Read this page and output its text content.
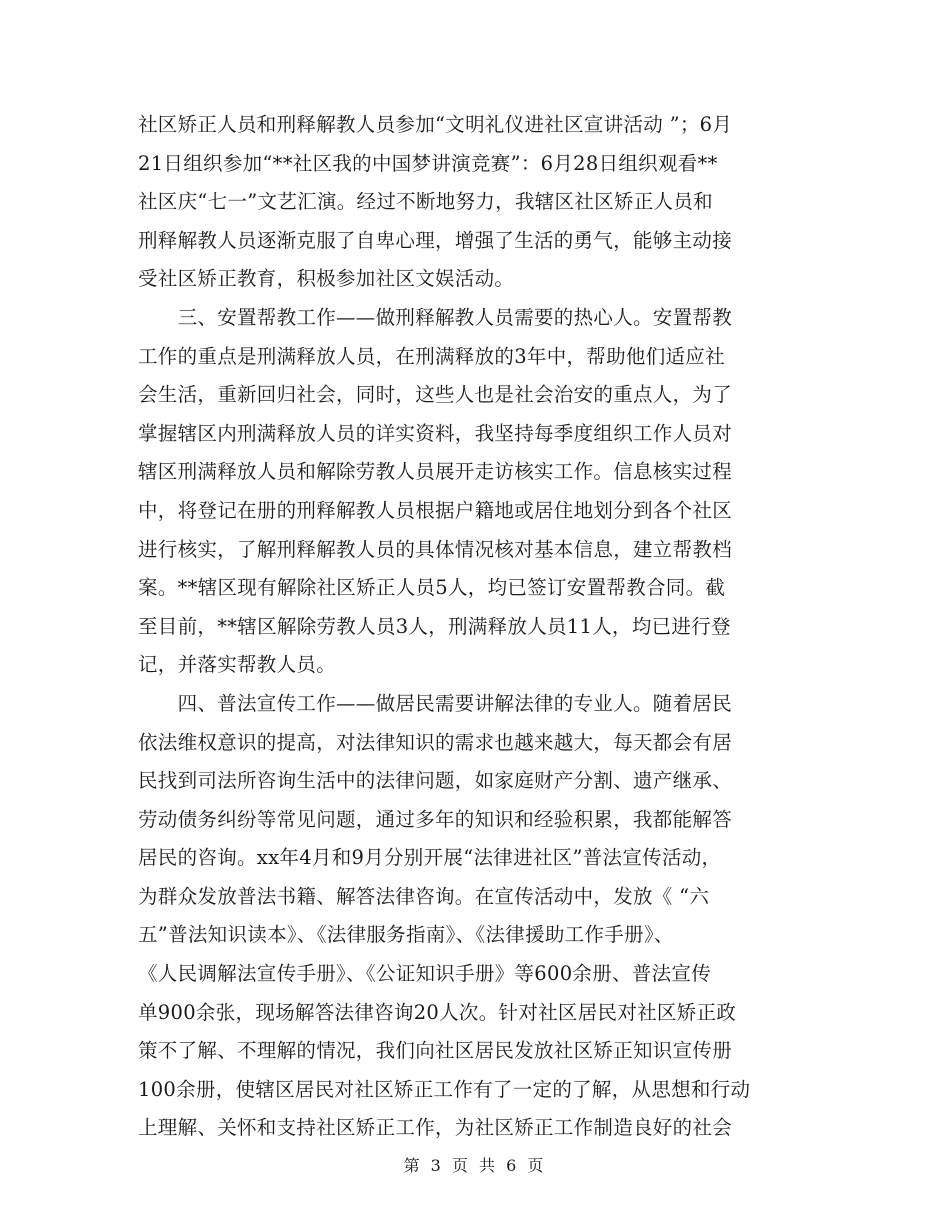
社区矫正人员和刑释解教人员参加“文明礼仪进社区宣讲活动 ”；6月
21日组织参加“**社区我的中国梦讲演竞赛”：6月28日组织观看**
社区庆“七一”文艺汇演。经过不断地努力，我辖区社区矫正人员和
刑释解教人员逐渐克服了自卑心理，增强了生活的勇气，能够主动接
受社区矫正教育，积极参加社区文娱活动。
　　三、安置帮教工作——做刑释解教人员需要的热心人。安置帮教
工作的重点是刑满释放人员，在刑满释放的3年中，帮助他们适应社
会生活，重新回归社会，同时，这些人也是社会治安的重点人，为了
掌握辖区内刑满释放人员的详实资料，我坚持每季度组织工作人员对
辖区刑满释放人员和解除劳教人员展开走访核实工作。信息核实过程
中，将登记在册的刑释解教人员根据户籍地或居住地划分到各个社区
进行核实，了解刑释解教人员的具体情况核对基本信息，建立帮教档
案。**辖区现有解除社区矫正人员5人，均已签订安置帮教合同。截
至目前，**辖区解除劳教人员3人，刑满释放人员11人，均已进行登
记，并落实帮教人员。
　　四、普法宣传工作——做居民需要讲解法律的专业人。随着居民
依法维权意识的提高，对法律知识的需求也越来越大，每天都会有居
民找到司法所咨询生活中的法律问题，如家庭财产分割、遗产继承、
劳动债务纠纷等常见问题，通过多年的知识和经验积累，我都能解答
居民的咨询。xx年4月和9月分别开展“法律进社区”普法宣传活动，
为群众发放普法书籍、解答法律咨询。在宣传活动中，发放《 “六
五”普法知识读本》、《法律服务指南》、《法律援助工作手册》、
《人民调解法宣传手册》、《公证知识手册》等600余册、普法宣传
单900余张，现场解答法律咨询20人次。针对社区居民对社区矫正政
策不了解、不理解的情况，我们向社区居民发放社区矫正知识宣传册
100余册，使辖区居民对社区矫正工作有了一定的了解，从思想和行动
上理解、关怀和支持社区矫正工作，为社区矫正工作制造良好的社会
第 3 页 共 6 页
